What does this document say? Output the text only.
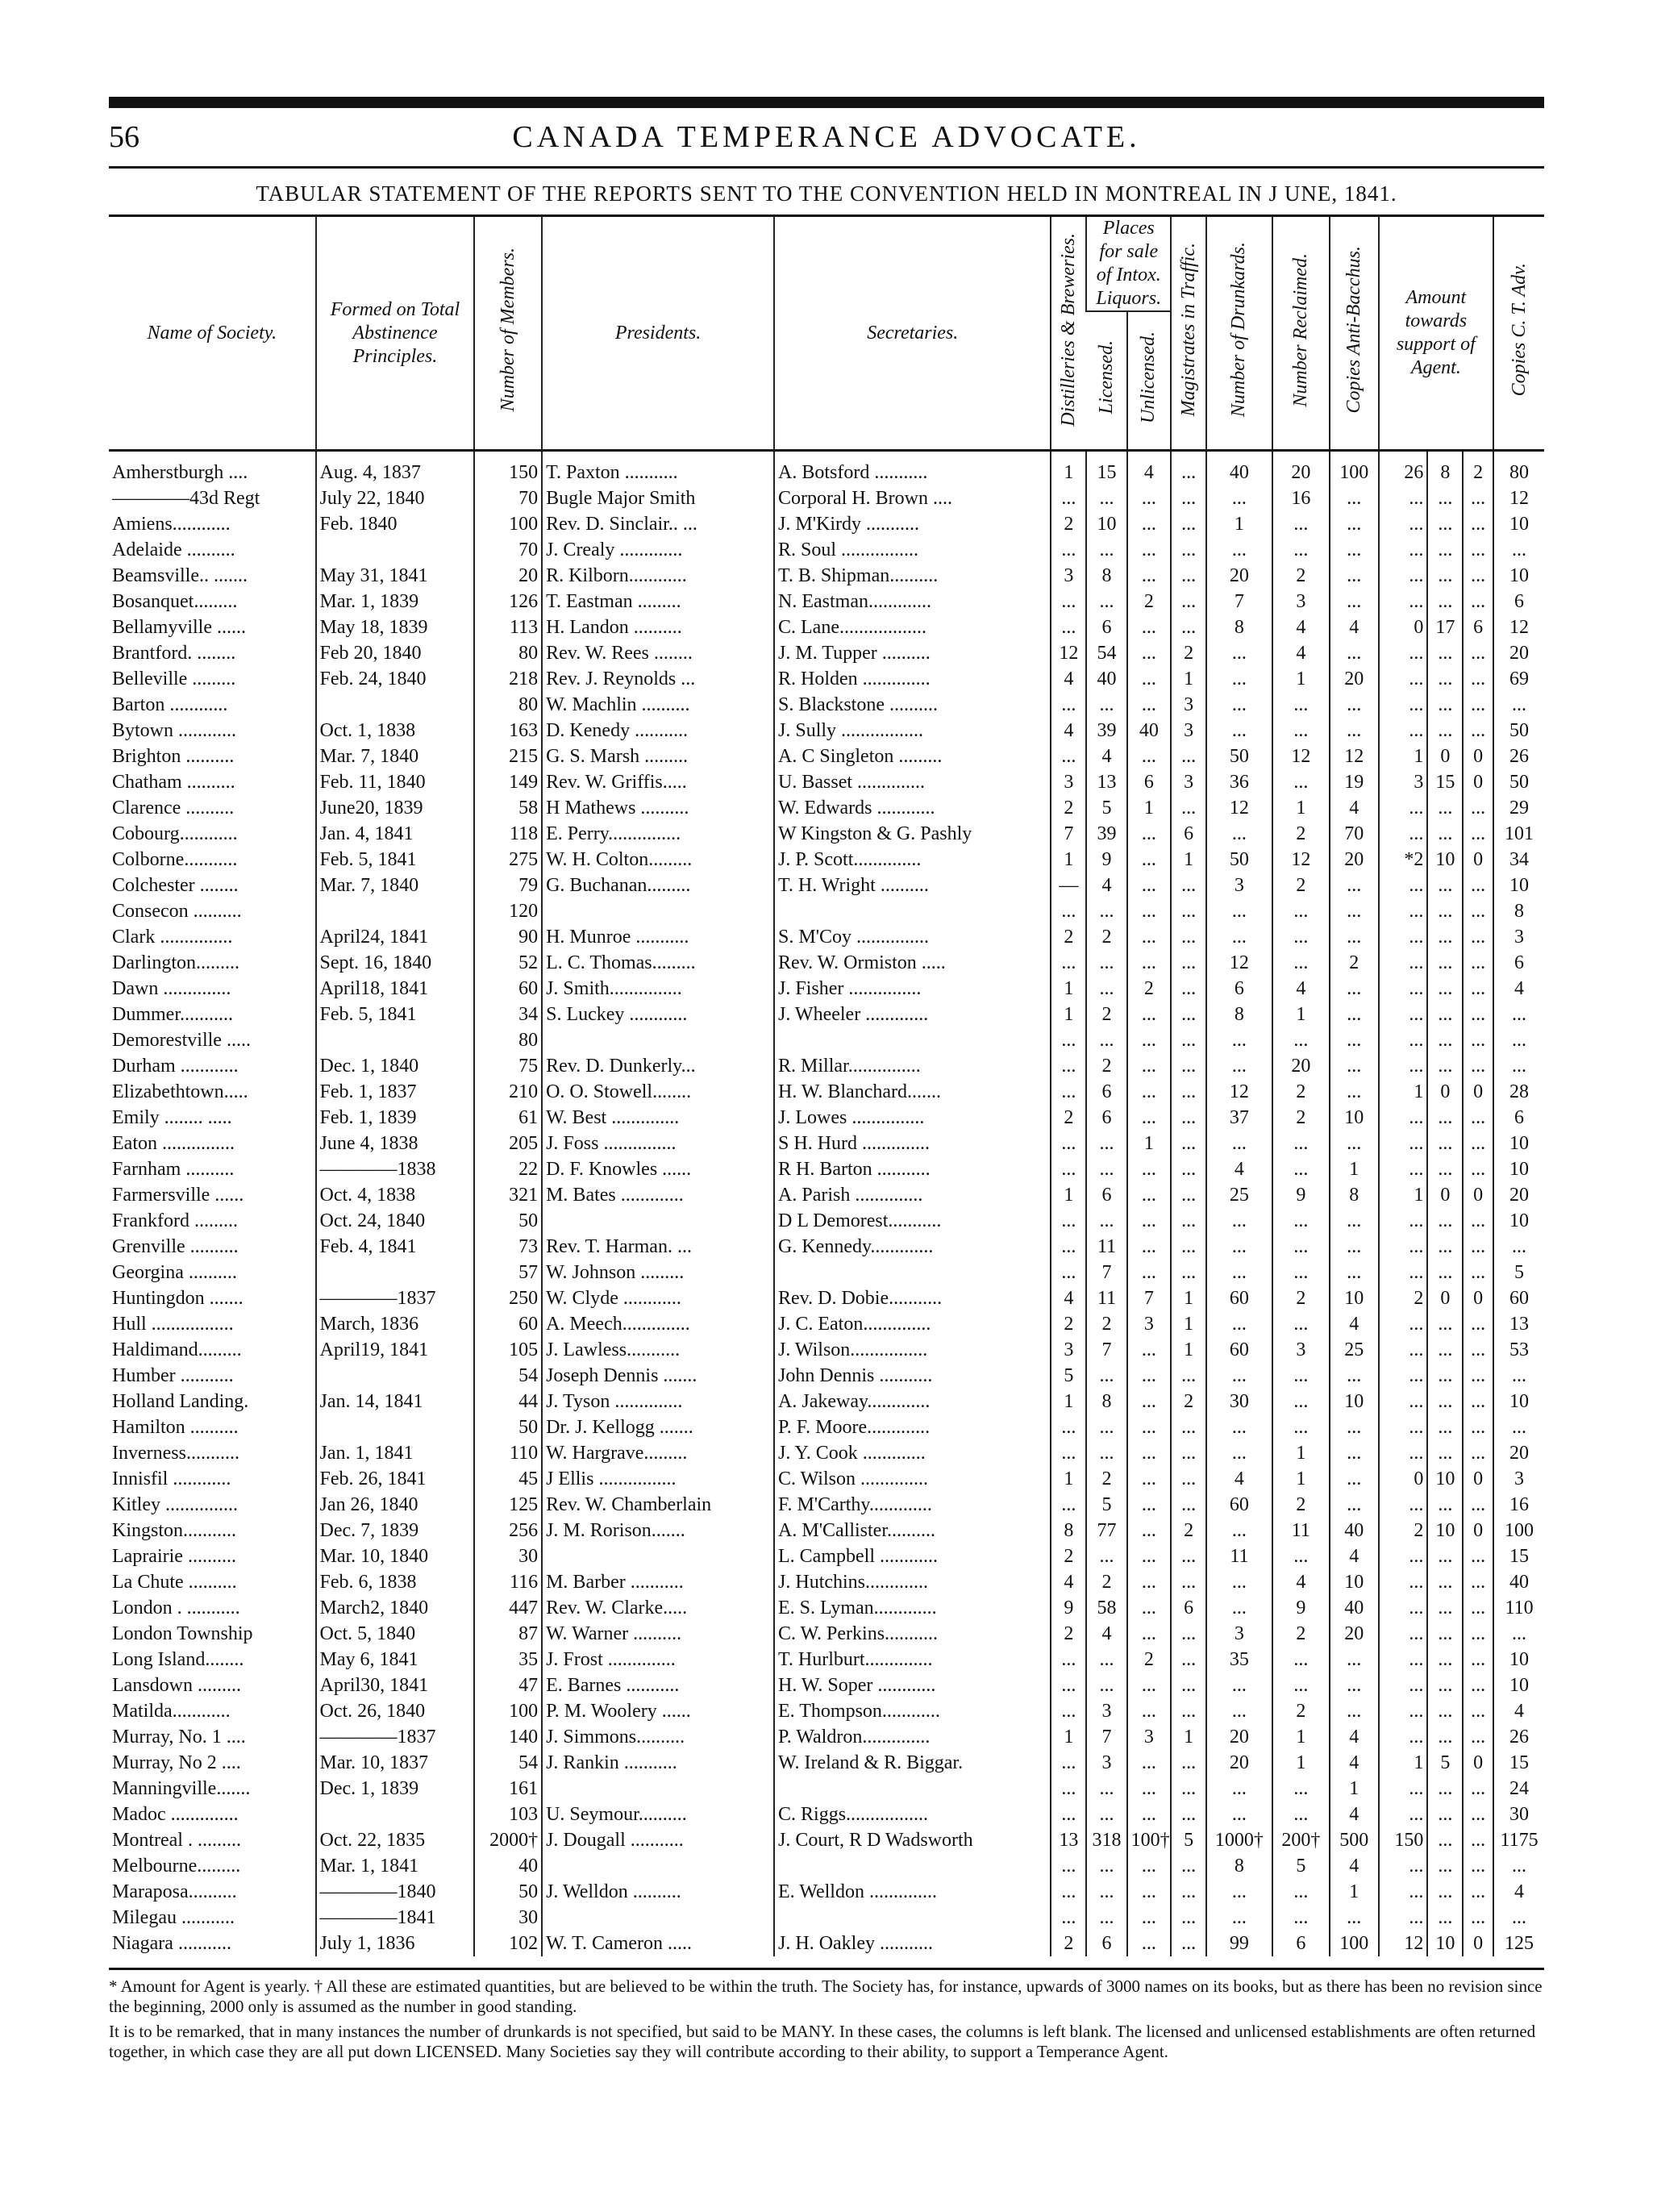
56	CANADA TEMPERANCE ADVOCATE.
TABULAR STATEMENT OF THE REPORTS SENT TO THE CONVENTION HELD IN MONTREAL IN J UNE, 1841.
Name of Society.	Formed on Total Abstinence Principles.	Number of Members.	Presidents.	Secretaries.	Distilleries & Breweries.	Places for sale of Intox. Liquors.		Magistrates in Traffic.	Number of Drunkards.	Number Reclaimed.	Copies Anti-Bacchus.	Amount towards support of Agent.			Copies C. T. Adv.
						Licensed.	Unlicensed.								
Amherstburgh ....	Aug. 4, 1837	150	T. Paxton ...........	A. Botsford ...........	1	15	4	...	40	20	100	26	8	2	80
————43d Regt	July 22, 1840	70	Bugle Major Smith	Corporal H. Brown ....	...	...	...	...	...	16	...	...	...	...	12
Amiens............	Feb. 1840	100	Rev. D. Sinclair.. ...	J. M'Kirdy ...........	2	10	...	...	1	...	...	...	...	...	10
Adelaide ..........		70	J. Crealy .............	R. Soul ................	...	...	...	...	...	...	...	...	...	...	...
Beamsville.. .......	May 31, 1841	20	R. Kilborn............	T. B. Shipman..........	3	8	...	...	20	2	...	...	...	...	10
Bosanquet.........	Mar. 1, 1839	126	T. Eastman .........	N. Eastman.............	...	...	2	...	7	3	...	...	...	...	6
Bellamyville ......	May 18, 1839	113	H. Landon ..........	C. Lane..................	...	6	...	...	8	4	4	0	17	6	12
Brantford. ........	Feb 20, 1840	80	Rev. W. Rees ........	J. M. Tupper ..........	12	54	...	2	...	4	...	...	...	...	20
Belleville .........	Feb. 24, 1840	218	Rev. J. Reynolds ...	R. Holden ..............	4	40	...	1	...	1	20	...	...	...	69
Barton ............		80	W. Machlin ..........	S. Blackstone ..........	...	...	...	3	...	...	...	...	...	...	...
Bytown ............	Oct. 1, 1838	163	D. Kenedy ...........	J. Sully .................	4	39	40	3	...	...	...	...	...	...	50
Brighton ..........	Mar. 7, 1840	215	G. S. Marsh .........	A. C Singleton .........	...	4	...	...	50	12	12	1	0	0	26
Chatham ..........	Feb. 11, 1840	149	Rev. W. Griffis.....	U. Basset ..............	3	13	6	3	36	...	19	3	15	0	50
Clarence ..........	June20, 1839	58	H Mathews ..........	W. Edwards ............	2	5	1	...	12	1	4	...	...	...	29
Cobourg............	Jan. 4, 1841	118	E. Perry...............	W Kingston & G. Pashly	7	39	...	6	...	2	70	...	...	...	101
Colborne...........	Feb. 5, 1841	275	W. H. Colton.........	J. P. Scott..............	1	9	...	1	50	12	20	*2	10	0	34
Colchester ........	Mar. 7, 1840	79	G. Buchanan.........	T. H. Wright ..........	—	4	...	...	3	2	...	...	...	...	10
Consecon ..........		120			...	...	...	...	...	...	...	...	...	...	8
Clark ...............	April24, 1841	90	H. Munroe ...........	S. M'Coy ...............	2	2	...	...	...	...	...	...	...	...	3
Darlington.........	Sept. 16, 1840	52	L. C. Thomas.........	Rev. W. Ormiston .....	...	...	...	...	12	...	2	...	...	...	6
Dawn ..............	April18, 1841	60	J. Smith...............	J. Fisher ...............	1	...	2	...	6	4	...	...	...	...	4
Dummer...........	Feb. 5, 1841	34	S. Luckey ............	J. Wheeler .............	1	2	...	...	8	1	...	...	...	...	...
Demorestville .....		80			...	...	...	...	...	...	...	...	...	...	...
Durham ............	Dec. 1, 1840	75	Rev. D. Dunkerly...	R. Millar...............	...	2	...	...	...	20	...	...	...	...	...
Elizabethtown.....	Feb. 1, 1837	210	O. O. Stowell........	H. W. Blanchard.......	...	6	...	...	12	2	...	1	0	0	28
Emily ........ .....	Feb. 1, 1839	61	W. Best ..............	J. Lowes ...............	2	6	...	...	37	2	10	...	...	...	6
Eaton ...............	June 4, 1838	205	J. Foss ...............	S H. Hurd ..............	...	...	1	...	...	...	...	...	...	...	10
Farnham ..........	————1838	22	D. F. Knowles ......	R H. Barton ...........	...	...	...	...	4	...	1	...	...	...	10
Farmersville ......	Oct. 4, 1838	321	M. Bates .............	A. Parish ..............	1	6	...	...	25	9	8	1	0	0	20
Frankford .........	Oct. 24, 1840	50		D L Demorest...........	...	...	...	...	...	...	...	...	...	...	10
Grenville ..........	Feb. 4, 1841	73	Rev. T. Harman. ...	G. Kennedy.............	...	11	...	...	...	...	...	...	...	...	...
Georgina ..........		57	W. Johnson .........		...	7	...	...	...	...	...	...	...	...	5
Huntingdon .......	————1837	250	W. Clyde ............	Rev. D. Dobie...........	4	11	7	1	60	2	10	2	0	0	60
Hull .................	March, 1836	60	A. Meech..............	J. C. Eaton..............	2	2	3	1	...	...	4	...	...	...	13
Haldimand.........	April19, 1841	105	J. Lawless...........	J. Wilson................	3	7	...	1	60	3	25	...	...	...	53
Humber ...........		54	Joseph Dennis .......	John Dennis ...........	5	...	...	...	...	...	...	...	...	...	...
Holland Landing.	Jan. 14, 1841	44	J. Tyson ..............	A. Jakeway.............	1	8	...	2	30	...	10	...	...	...	10
Hamilton ..........		50	Dr. J. Kellogg .......	P. F. Moore.............	...	...	...	...	...	...	...	...	...	...	...
Inverness...........	Jan. 1, 1841	110	W. Hargrave.........	J. Y. Cook .............	...	...	...	...	...	1	...	...	...	...	20
Innisfil ............	Feb. 26, 1841	45	J Ellis ................	C. Wilson ..............	1	2	...	...	4	1	...	0	10	0	3
Kitley ...............	Jan 26, 1840	125	Rev. W. Chamberlain	F. M'Carthy.............	...	5	...	...	60	2	...	...	...	...	16
Kingston...........	Dec. 7, 1839	256	J. M. Rorison.......	A. M'Callister..........	8	77	...	2	...	11	40	2	10	0	100
Laprairie ..........	Mar. 10, 1840	30		L. Campbell ............	2	...	...	...	11	...	4	...	...	...	15
La Chute ..........	Feb. 6, 1838	116	M. Barber ...........	J. Hutchins.............	4	2	...	...	...	4	10	...	...	...	40
London . ...........	March2, 1840	447	Rev. W. Clarke.....	E. S. Lyman.............	9	58	...	6	...	9	40	...	...	...	110
London Township	Oct. 5, 1840	87	W. Warner ..........	C. W. Perkins...........	2	4	...	...	3	2	20	...	...	...	...
Long Island........	May 6, 1841	35	J. Frost ..............	T. Hurlburt..............	...	...	2	...	35	...	...	...	...	...	10
Lansdown .........	April30, 1841	47	E. Barnes ...........	H. W. Soper ............	...	...	...	...	...	...	...	...	...	...	10
Matilda............	Oct. 26, 1840	100	P. M. Woolery ......	E. Thompson............	...	3	...	...	...	2	...	...	...	...	4
Murray, No. 1 ....	————1837	140	J. Simmons..........	P. Waldron..............	1	7	3	1	20	1	4	...	...	...	26
Murray, No 2 ....	Mar. 10, 1837	54	J. Rankin ...........	W. Ireland & R. Biggar.	...	3	...	...	20	1	4	1	5	0	15
Manningville.......	Dec. 1, 1839	161			...	...	...	...	...	...	1	...	...	...	24
Madoc ..............		103	U. Seymour..........	C. Riggs.................	...	...	...	...	...	...	4	...	...	...	30
Montreal . .........	Oct. 22, 1835	2000†	J. Dougall ...........	J. Court, R D Wadsworth	13	318	100†	5	1000†	200†	500	150	...	...	1175
Melbourne.........	Mar. 1, 1841	40			...	...	...	...	8	5	4	...	...	...	...
Maraposa..........	————1840	50	J. Welldon ..........	E. Welldon ..............	...	...	...	...	...	...	1	...	...	...	4
Milegau ...........	————1841	30			...	...	...	...	...	...	...	...	...	...	...
Niagara ...........	July 1, 1836	102	W. T. Cameron .....	J. H. Oakley ...........	2	6	...	...	99	6	100	12	10	0	125

* Amount for Agent is yearly. † All these are estimated quantities, but are believed to be within the truth. The Society has, for instance, upwards of 3000 names on its books, but as there has been no revision since the beginning, 2000 only is assumed as the number in good standing.

It is to be remarked, that in many instances the number of drunkards is not specified, but said to be MANY. In these cases, the columns is left blank. The licensed and unlicensed establishments are often returned together, in which case they are all put down LICENSED. Many Societies say they will contribute according to their ability, to support a Temperance Agent.
